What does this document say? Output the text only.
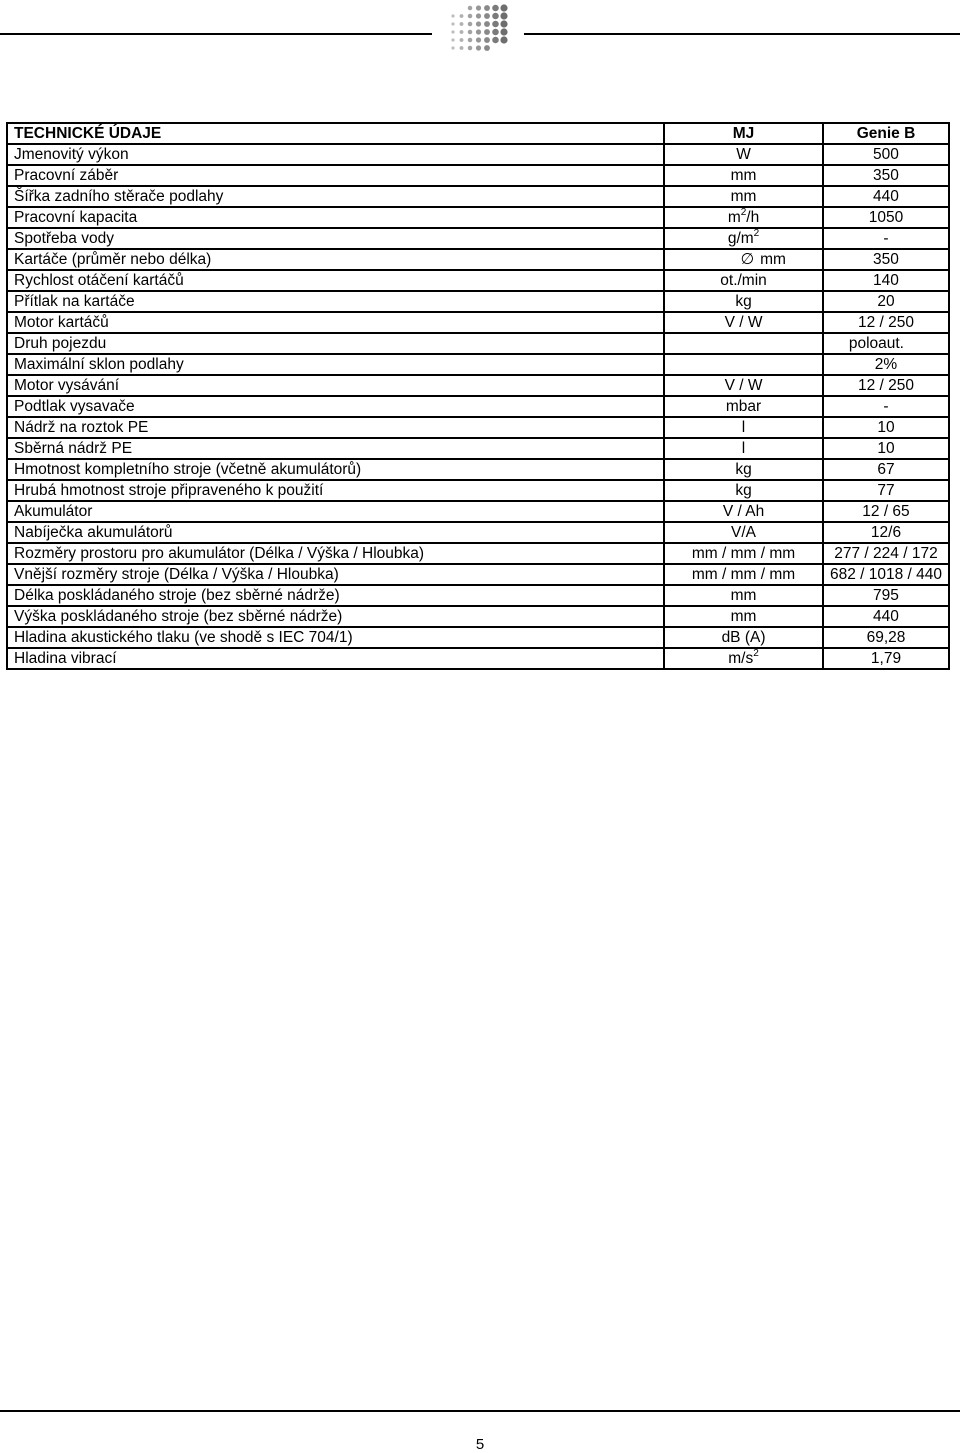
TECHNICKÉ ÚDAJE	MJ	Genie B
Jmenovitý výkon	W	500
Pracovní záběr	mm	350
Šířka zadního stěrače podlahy	mm	440
Pracovní kapacita	$m^2/h$	1050
Spotřeba vody	$g/m^2$	-
Kartáče (průměr nebo délka)	∅ mm	350
Rychlost otáčení kartáčů	ot./min	140
Přítlak na kartáče	kg	20
Motor kartáčů	V / W	12 / 250
Druh pojezdu		poloaut.
Maximální sklon podlahy		2%
Motor vysávání	V / W	12 / 250
Podtlak vysavače	mbar	-
Nádrž na roztok PE	l	10
Sběrná nádrž PE	l	10
Hmotnost kompletního stroje (včetně akumulátorů)	kg	67
Hrubá hmotnost stroje připraveného k použití	kg	77
Akumulátor	V / Ah	12 / 65
Nabíječka akumulátorů	V/A	12/6
Rozměry prostoru pro akumulátor (Délka / Výška / Hloubka)	mm / mm / mm	277 / 224 / 172
Vnější rozměry stroje (Délka / Výška / Hloubka)	mm / mm / mm	682 / 1018 / 440
Délka poskládaného stroje (bez sběrné nádrže)	mm	795
Výška poskládaného stroje (bez sběrné nádrže)	mm	440
Hladina akustického tlaku (ve shodě s IEC 704/1)	dB (A)	69,28
Hladina vibrací	$m/s^2$	1,79
5
